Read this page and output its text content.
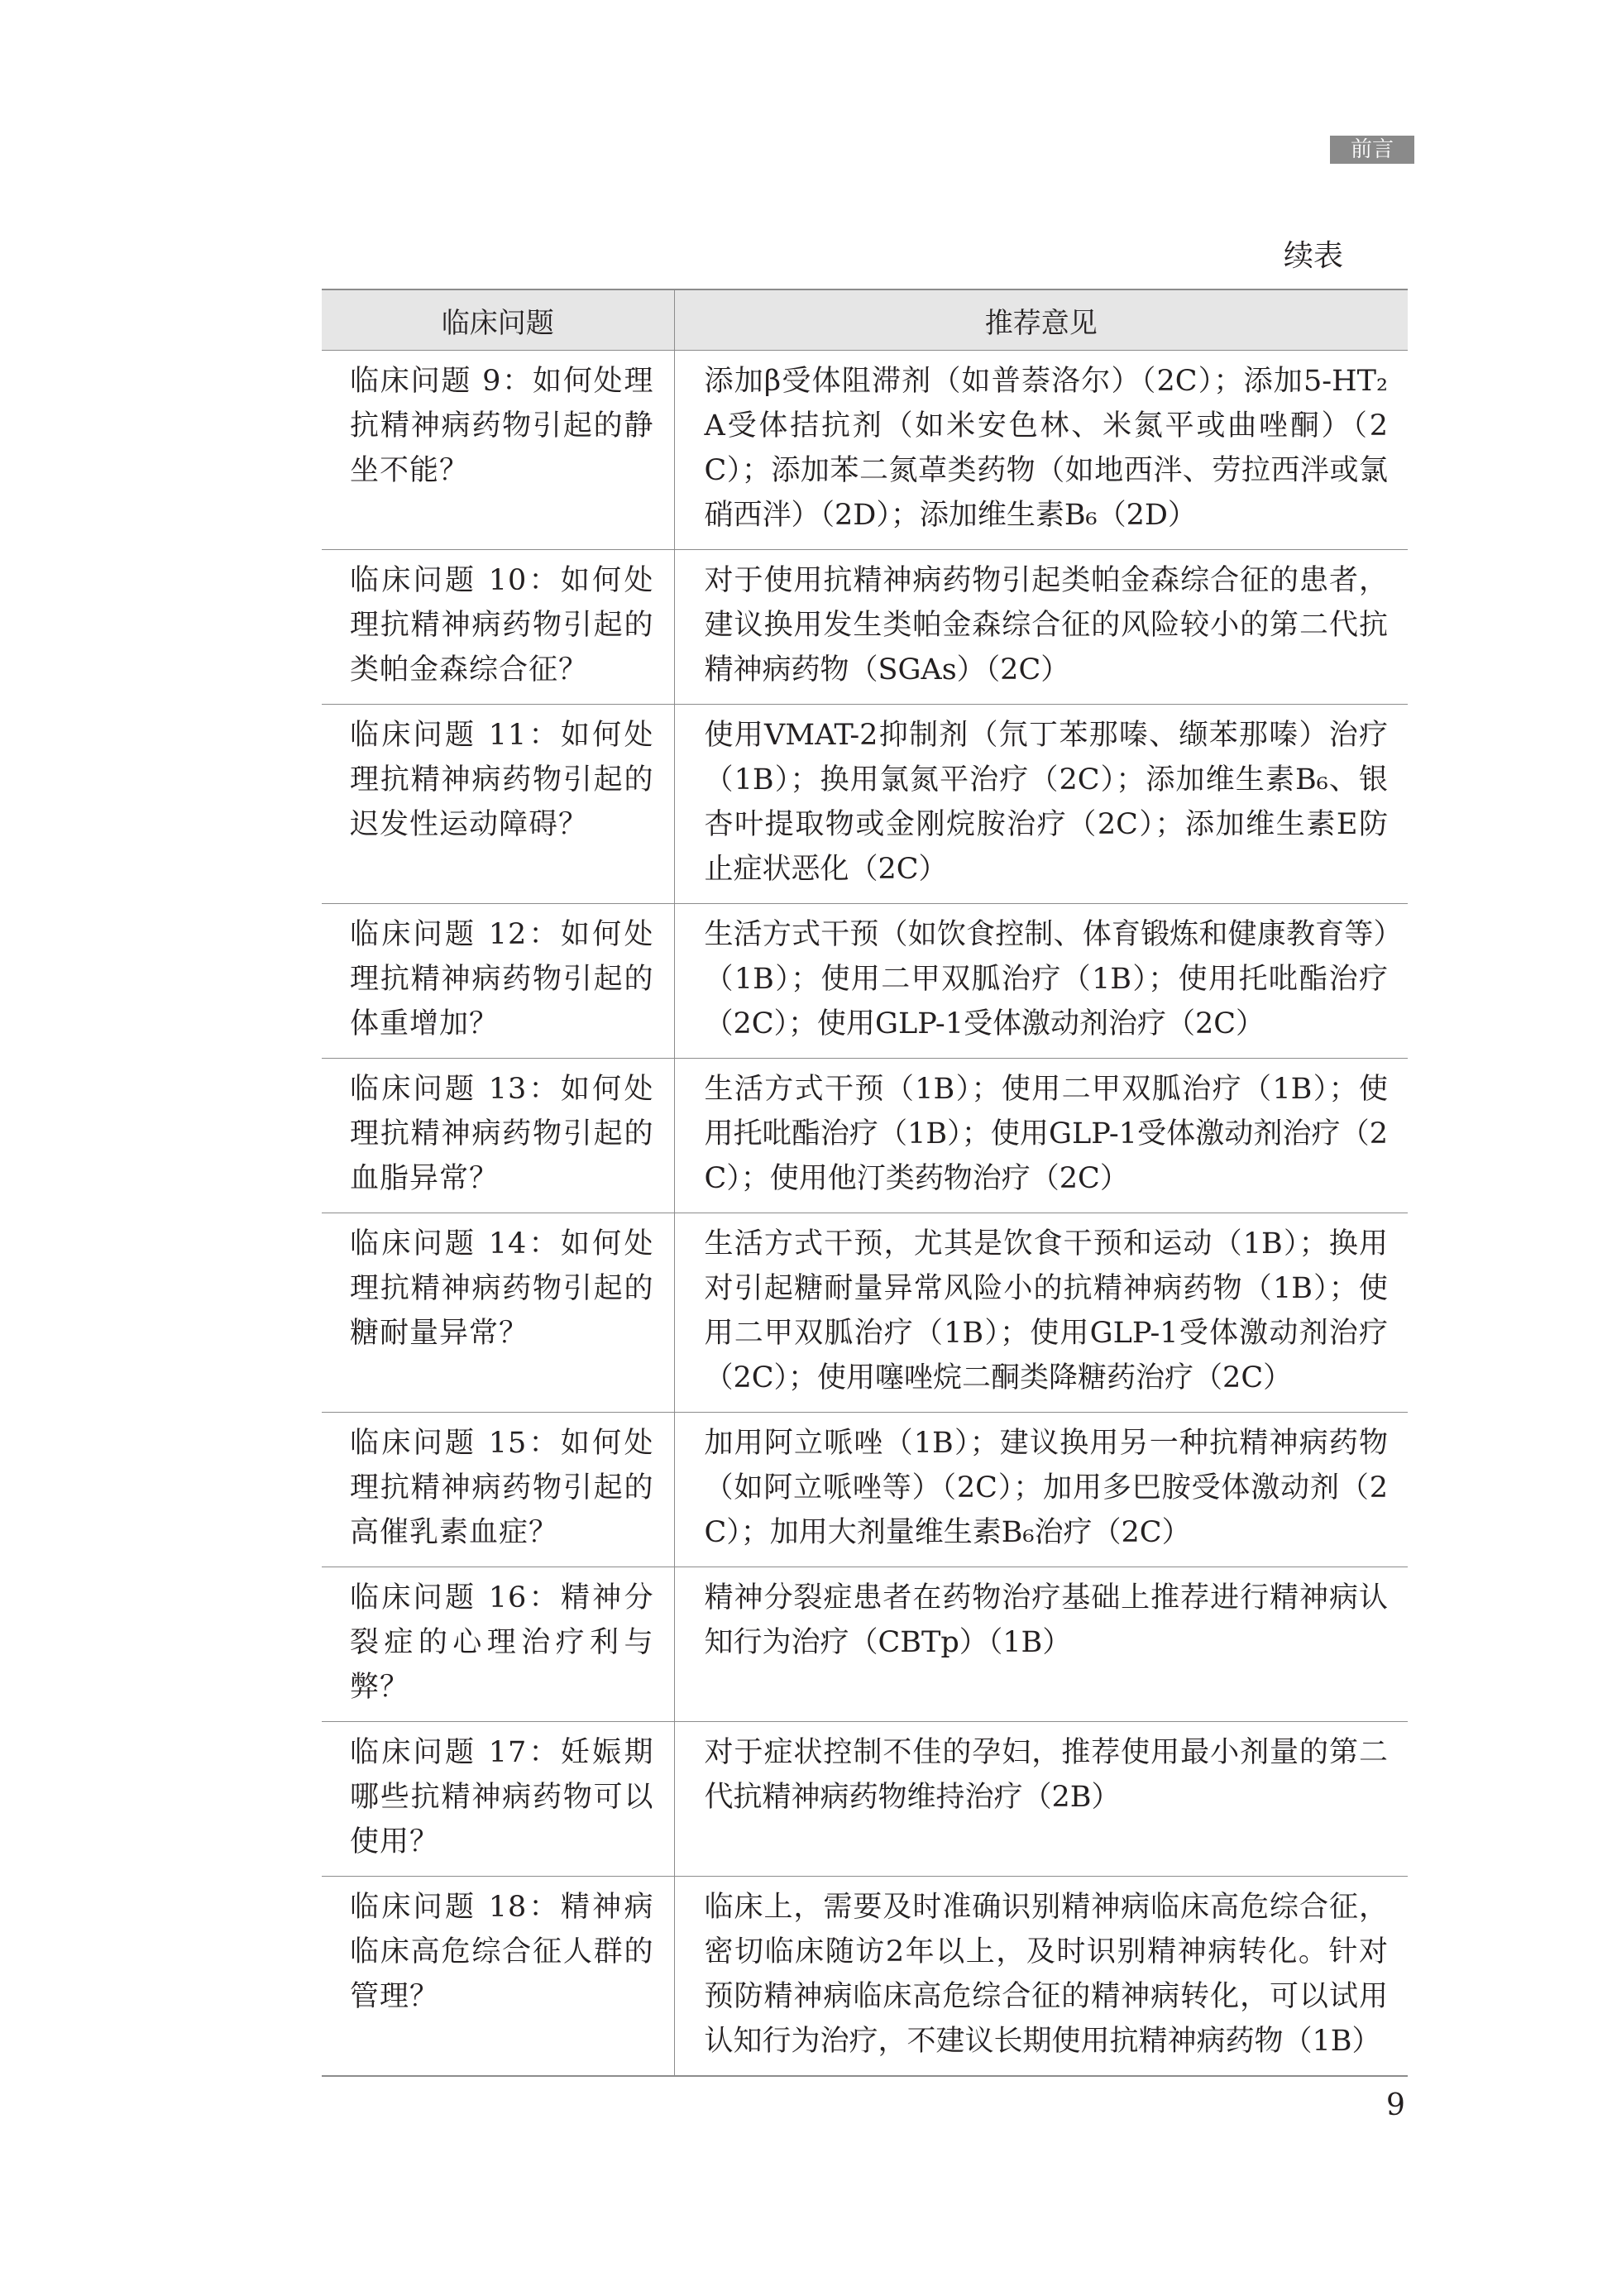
前言
续表
临床问题	推荐意见
临床问题 9：如何处理抗精神病药物引起的静坐不能？	添加β受体阻滞剂（如普萘洛尔）（2C）；添加5-HT₂A受体拮抗剂（如米安色林、米氮平或曲唑酮）（2C）；添加苯二氮䓬类药物（如地西泮、劳拉西泮或氯硝西泮）（2D）；添加维生素B₆（2D）
临床问题 10：如何处理抗精神病药物引起的类帕金森综合征？	对于使用抗精神病药物引起类帕金森综合征的患者，建议换用发生类帕金森综合征的风险较小的第二代抗精神病药物（SGAs）（2C）
临床问题 11：如何处理抗精神病药物引起的迟发性运动障碍？	使用VMAT-2抑制剂（氘丁苯那嗪、缬苯那嗪）治疗（1B）；换用氯氮平治疗（2C）；添加维生素B₆、银杏叶提取物或金刚烷胺治疗（2C）；添加维生素E防止症状恶化（2C）
临床问题 12：如何处理抗精神病药物引起的体重增加？	生活方式干预（如饮食控制、体育锻炼和健康教育等）（1B）；使用二甲双胍治疗（1B）；使用托吡酯治疗（2C）；使用GLP-1受体激动剂治疗（2C）
临床问题 13：如何处理抗精神病药物引起的血脂异常？	生活方式干预（1B）；使用二甲双胍治疗（1B）；使用托吡酯治疗（1B）；使用GLP-1受体激动剂治疗（2C）；使用他汀类药物治疗（2C）
临床问题 14：如何处理抗精神病药物引起的糖耐量异常？	生活方式干预，尤其是饮食干预和运动（1B）；换用对引起糖耐量异常风险小的抗精神病药物（1B）；使用二甲双胍治疗（1B）；使用GLP-1受体激动剂治疗（2C）；使用噻唑烷二酮类降糖药治疗（2C）
临床问题 15：如何处理抗精神病药物引起的高催乳素血症？	加用阿立哌唑（1B）；建议换用另一种抗精神病药物（如阿立哌唑等）（2C）；加用多巴胺受体激动剂（2C）；加用大剂量维生素B₆治疗（2C）
临床问题 16：精神分裂症的心理治疗利与弊？	精神分裂症患者在药物治疗基础上推荐进行精神病认知行为治疗（CBTp）（1B）
临床问题 17：妊娠期哪些抗精神病药物可以使用？	对于症状控制不佳的孕妇，推荐使用最小剂量的第二代抗精神病药物维持治疗（2B）
临床问题 18：精神病临床高危综合征人群的管理？	临床上，需要及时准确识别精神病临床高危综合征，密切临床随访2年以上，及时识别精神病转化。针对预防精神病临床高危综合征的精神病转化，可以试用认知行为治疗，不建议长期使用抗精神病药物（1B）
9
